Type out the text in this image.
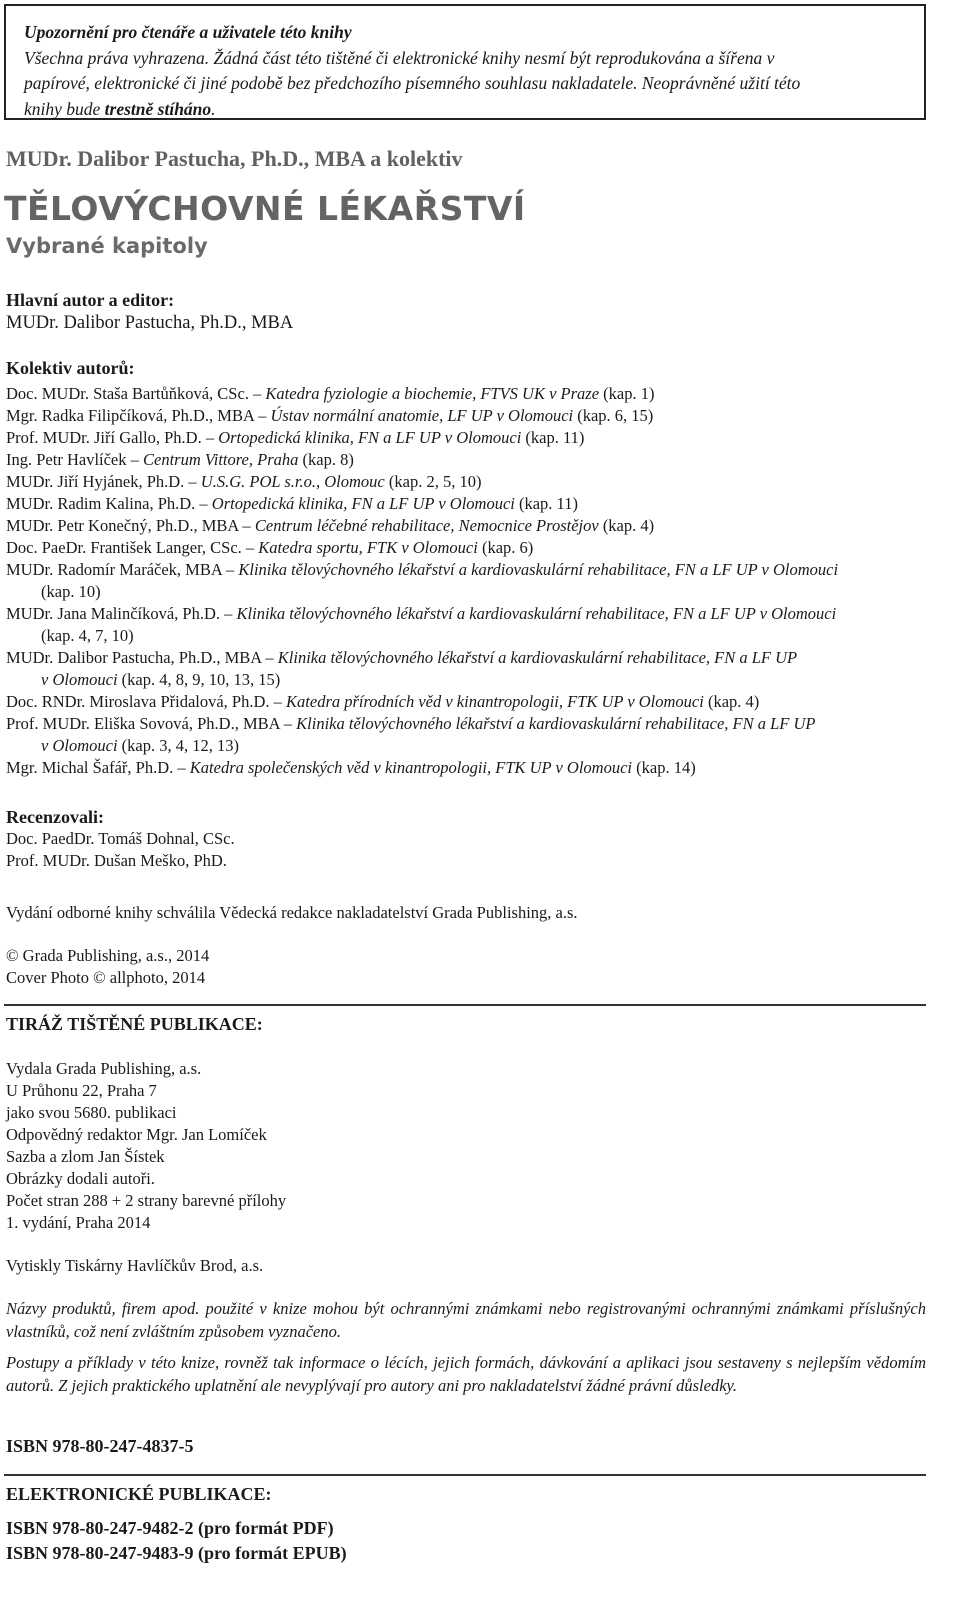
Upozornění pro čtenáře a uživatele této knihy
Všechna práva vyhrazena. Žádná část této tištěné či elektronické knihy nesmí být reprodukována a šířena v
papírové, elektronické či jiné podobě bez předchozího písemného souhlasu nakladatele. Neoprávněné užití této
knihy bude trestně stíháno.
MUDr. Dalibor Pastucha, Ph.D., MBA a kolektiv
TĚLOVÝCHOVNÉ LÉKAŘSTVÍ
Vybrané kapitoly
Hlavní autor a editor:
MUDr. Dalibor Pastucha, Ph.D., MBA
Kolektiv autorů:
Doc. MUDr. Staša Bartůňková, CSc. – Katedra fyziologie a biochemie, FTVS UK v Praze (kap. 1)
Mgr. Radka Filipčíková, Ph.D., MBA – Ústav normální anatomie, LF UP v Olomouci (kap. 6, 15)
Prof. MUDr. Jiří Gallo, Ph.D. – Ortopedická klinika, FN a LF UP v Olomouci (kap. 11)
Ing. Petr Havlíček – Centrum Vittore, Praha (kap. 8)
MUDr. Jiří Hyjánek, Ph.D. – U.S.G. POL s.r.o., Olomouc (kap. 2, 5, 10)
MUDr. Radim Kalina, Ph.D. – Ortopedická klinika, FN a LF UP v Olomouci (kap. 11)
MUDr. Petr Konečný, Ph.D., MBA – Centrum léčebné rehabilitace, Nemocnice Prostějov (kap. 4)
Doc. PaeDr. František Langer, CSc. – Katedra sportu, FTK v Olomouci (kap. 6)
MUDr. Radomír Maráček, MBA – Klinika tělovýchovného lékařství a kardiovaskulární rehabilitace, FN a LF UP v Olomouci
(kap. 10)
MUDr. Jana Malinčíková, Ph.D. – Klinika tělovýchovného lékařství a kardiovaskulární rehabilitace, FN a LF UP v Olomouci
(kap. 4, 7, 10)
MUDr. Dalibor Pastucha, Ph.D., MBA – Klinika tělovýchovného lékařství a kardiovaskulární rehabilitace, FN a LF UP
v Olomouci (kap. 4, 8, 9, 10, 13, 15)
Doc. RNDr. Miroslava Přidalová, Ph.D. – Katedra přírodních věd v kinantropologii, FTK UP v Olomouci (kap. 4)
Prof. MUDr. Eliška Sovová, Ph.D., MBA – Klinika tělovýchovného lékařství a kardiovaskulární rehabilitace, FN a LF UP
v Olomouci (kap. 3, 4, 12, 13)
Mgr. Michal Šafář, Ph.D. – Katedra společenských věd v kinantropologii, FTK UP v Olomouci (kap. 14)
Recenzovali:
Doc. PaedDr. Tomáš Dohnal, CSc.
Prof. MUDr. Dušan Meško, PhD.
Vydání odborné knihy schválila Vědecká redakce nakladatelství Grada Publishing, a.s.
© Grada Publishing, a.s., 2014
Cover Photo © allphoto, 2014
TIRÁŽ TIŠTĚNÉ PUBLIKACE:
Vydala Grada Publishing, a.s.
U Průhonu 22, Praha 7
jako svou 5680. publikaci
Odpovědný redaktor Mgr. Jan Lomíček
Sazba a zlom Jan Šístek
Obrázky dodali autoři.
Počet stran 288 + 2 strany barevné přílohy
1. vydání, Praha 2014
Vytiskly Tiskárny Havlíčkův Brod, a.s.
Názvy produktů, firem apod. použité v knize mohou být ochrannými známkami nebo registrovanými ochrannými známkami příslušných vlastníků, což není zvláštním způsobem vyznačeno.
Postupy a příklady v této knize, rovněž tak informace o lécích, jejich formách, dávkování a aplikaci jsou sestaveny s nejlepším vědomím autorů. Z jejich praktického uplatnění ale nevyplývají pro autory ani pro nakladatelství žádné právní důsledky.
ISBN 978-80-247-4837-5
ELEKTRONICKÉ PUBLIKACE:
ISBN 978-80-247-9482-2 (pro formát PDF)
ISBN 978-80-247-9483-9 (pro formát EPUB)
